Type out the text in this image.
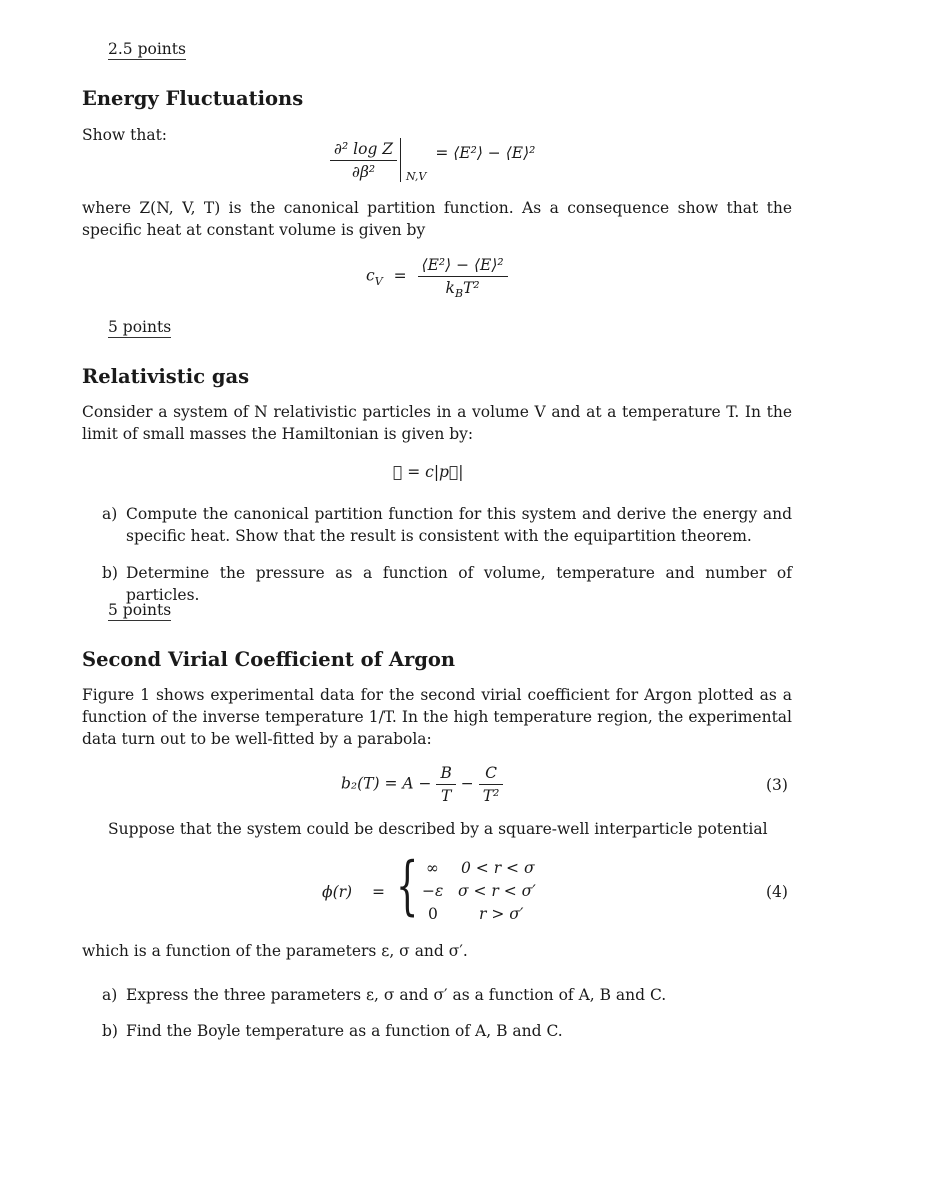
2.5 points
Energy Fluctuations

Show that:

$\frac{\text{∂² log Z}}{\text{∂β²}} _{N,V}$ = ⟨E²⟩ − ⟨E⟩²

where Z(N, V, T) is the canonical partition function. As a consequence show that the specific heat at constant volume is given by

$c_V = \frac{\text{⟨E²⟩ − ⟨E⟩²}}{k_BT^2}$
5 points
Relativistic gas

Consider a system of N relativistic particles in a volume V and at a temperature T. In the limit of small masses the Hamiltonian is given by:

ℋ = c|p⃗|
a) Compute the canonical partition function for this system and derive the energy and specific heat. Show that the result is consistent with the equipartition theorem.
b) Determine the pressure as a function of volume, temperature and number of particles.
5 points
Second Virial Coefficient of Argon

Figure 1 shows experimental data for the second virial coefficient for Argon plotted as a function of the inverse temperature 1/T. In the high temperature region, the experimental data turn out to be well-fitted by a parabola:

$b_2(T) = A - \frac{B}{T} - \frac{C}{\text{T²}}$	(3)

Suppose that the system could be described by a square-well interparticle potential

ϕ(r) = { ∞ 0 < r < σ
−ε σ < r < σ′
0	r > σ′
(4)

which is a function of the parameters ε, σ and σ′.

a) Express the three parameters ε, σ and σ′ as a function of A, B and C.
b) Find the Boyle temperature as a function of A, B and C.
